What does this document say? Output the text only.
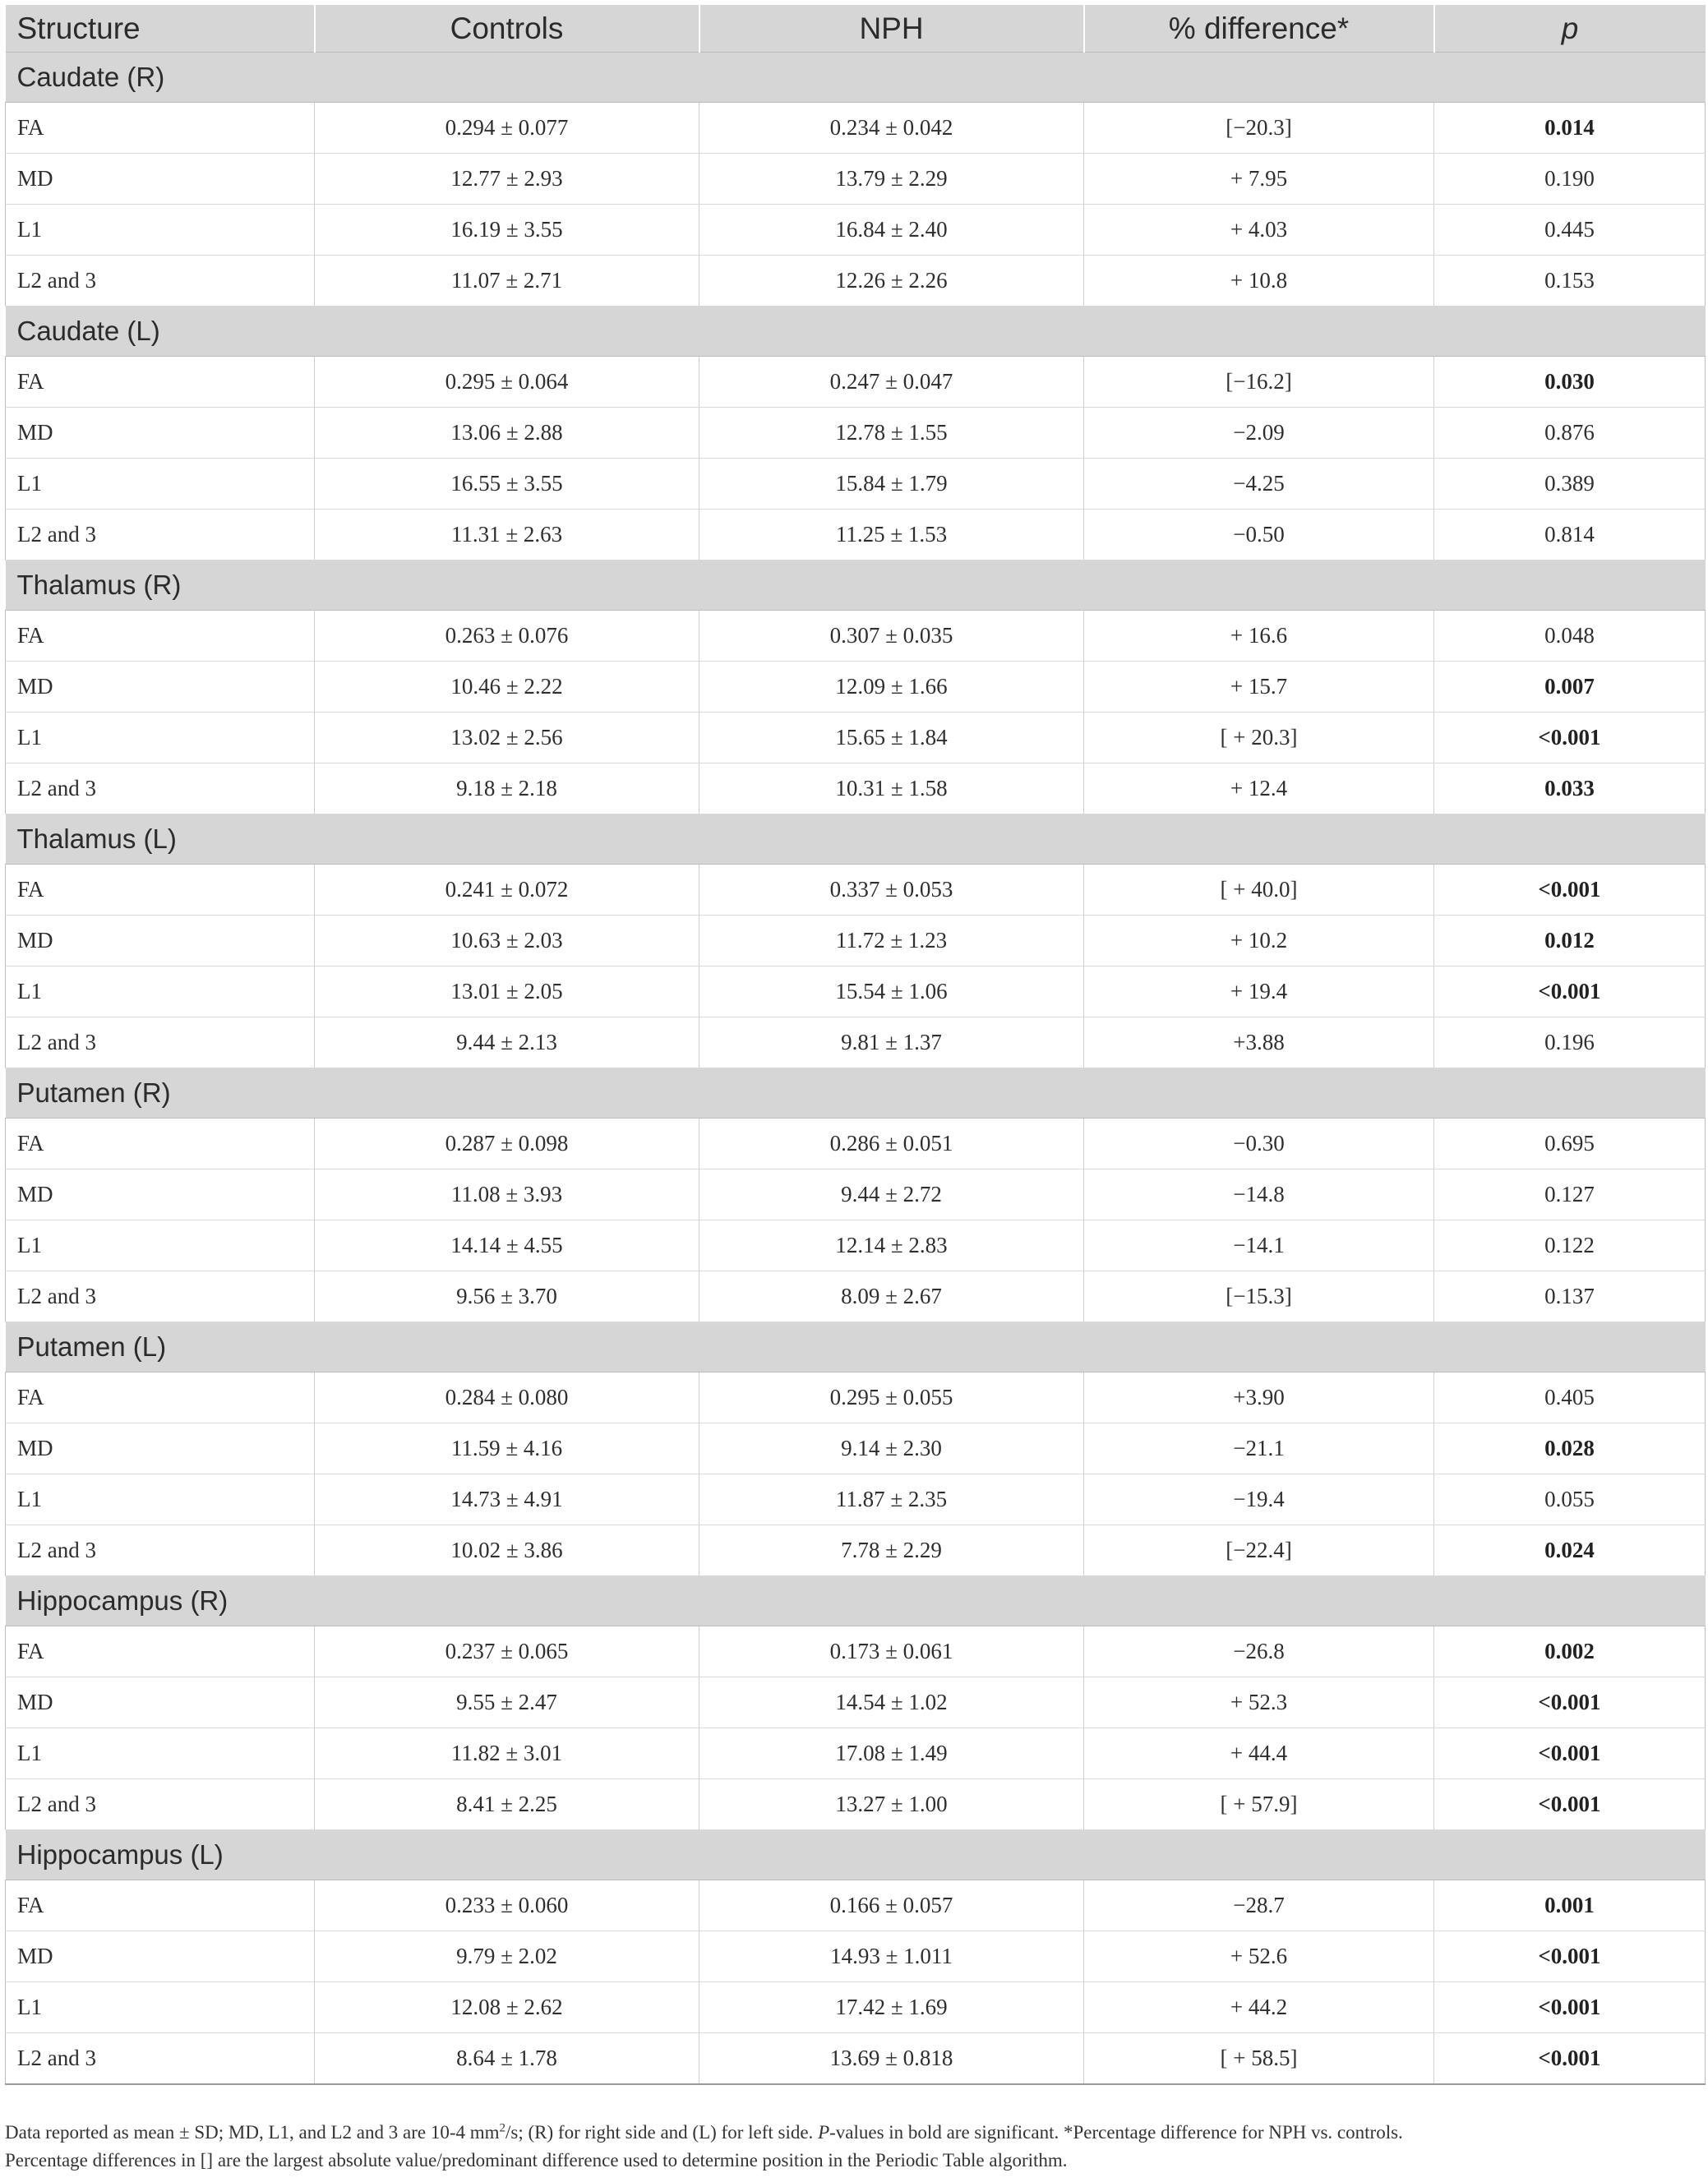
Structure	Controls	NPH	% difference*	p
Caudate (R)				
FA	0.294 ± 0.077	0.234 ± 0.042	[−20.3]	0.014
MD	12.77 ± 2.93	13.79 ± 2.29	+ 7.95	0.190
L1	16.19 ± 3.55	16.84 ± 2.40	+ 4.03	0.445
L2 and 3	11.07 ± 2.71	12.26 ± 2.26	+ 10.8	0.153
Caudate (L)				
FA	0.295 ± 0.064	0.247 ± 0.047	[−16.2]	0.030
MD	13.06 ± 2.88	12.78 ± 1.55	−2.09	0.876
L1	16.55 ± 3.55	15.84 ± 1.79	−4.25	0.389
L2 and 3	11.31 ± 2.63	11.25 ± 1.53	−0.50	0.814
Thalamus (R)				
FA	0.263 ± 0.076	0.307 ± 0.035	+ 16.6	0.048
MD	10.46 ± 2.22	12.09 ± 1.66	+ 15.7	0.007
L1	13.02 ± 2.56	15.65 ± 1.84	[ + 20.3]	<0.001
L2 and 3	9.18 ± 2.18	10.31 ± 1.58	+ 12.4	0.033
Thalamus (L)				
FA	0.241 ± 0.072	0.337 ± 0.053	[ + 40.0]	<0.001
MD	10.63 ± 2.03	11.72 ± 1.23	+ 10.2	0.012
L1	13.01 ± 2.05	15.54 ± 1.06	+ 19.4	<0.001
L2 and 3	9.44 ± 2.13	9.81 ± 1.37	+3.88	0.196
Putamen (R)				
FA	0.287 ± 0.098	0.286 ± 0.051	−0.30	0.695
MD	11.08 ± 3.93	9.44 ± 2.72	−14.8	0.127
L1	14.14 ± 4.55	12.14 ± 2.83	−14.1	0.122
L2 and 3	9.56 ± 3.70	8.09 ± 2.67	[−15.3]	0.137
Putamen (L)				
FA	0.284 ± 0.080	0.295 ± 0.055	+3.90	0.405
MD	11.59 ± 4.16	9.14 ± 2.30	−21.1	0.028
L1	14.73 ± 4.91	11.87 ± 2.35	−19.4	0.055
L2 and 3	10.02 ± 3.86	7.78 ± 2.29	[−22.4]	0.024
Hippocampus (R)				
FA	0.237 ± 0.065	0.173 ± 0.061	−26.8	0.002
MD	9.55 ± 2.47	14.54 ± 1.02	+ 52.3	<0.001
L1	11.82 ± 3.01	17.08 ± 1.49	+ 44.4	<0.001
L2 and 3	8.41 ± 2.25	13.27 ± 1.00	[ + 57.9]	<0.001
Hippocampus (L)				
FA	0.233 ± 0.060	0.166 ± 0.057	−28.7	0.001
MD	9.79 ± 2.02	14.93 ± 1.011	+ 52.6	<0.001
L1	12.08 ± 2.62	17.42 ± 1.69	+ 44.2	<0.001
L2 and 3	8.64 ± 1.78	13.69 ± 0.818	[ + 58.5]	<0.001

Data reported as mean ± SD; MD, L1, and L2 and 3 are 10-4 $mm^2/s$; (R) for right side and (L) for left side. P-values in bold are significant. *Percentage difference for NPH vs. controls.

Percentage differences in [] are the largest absolute value/predominant difference used to determine position in the Periodic Table algorithm.
